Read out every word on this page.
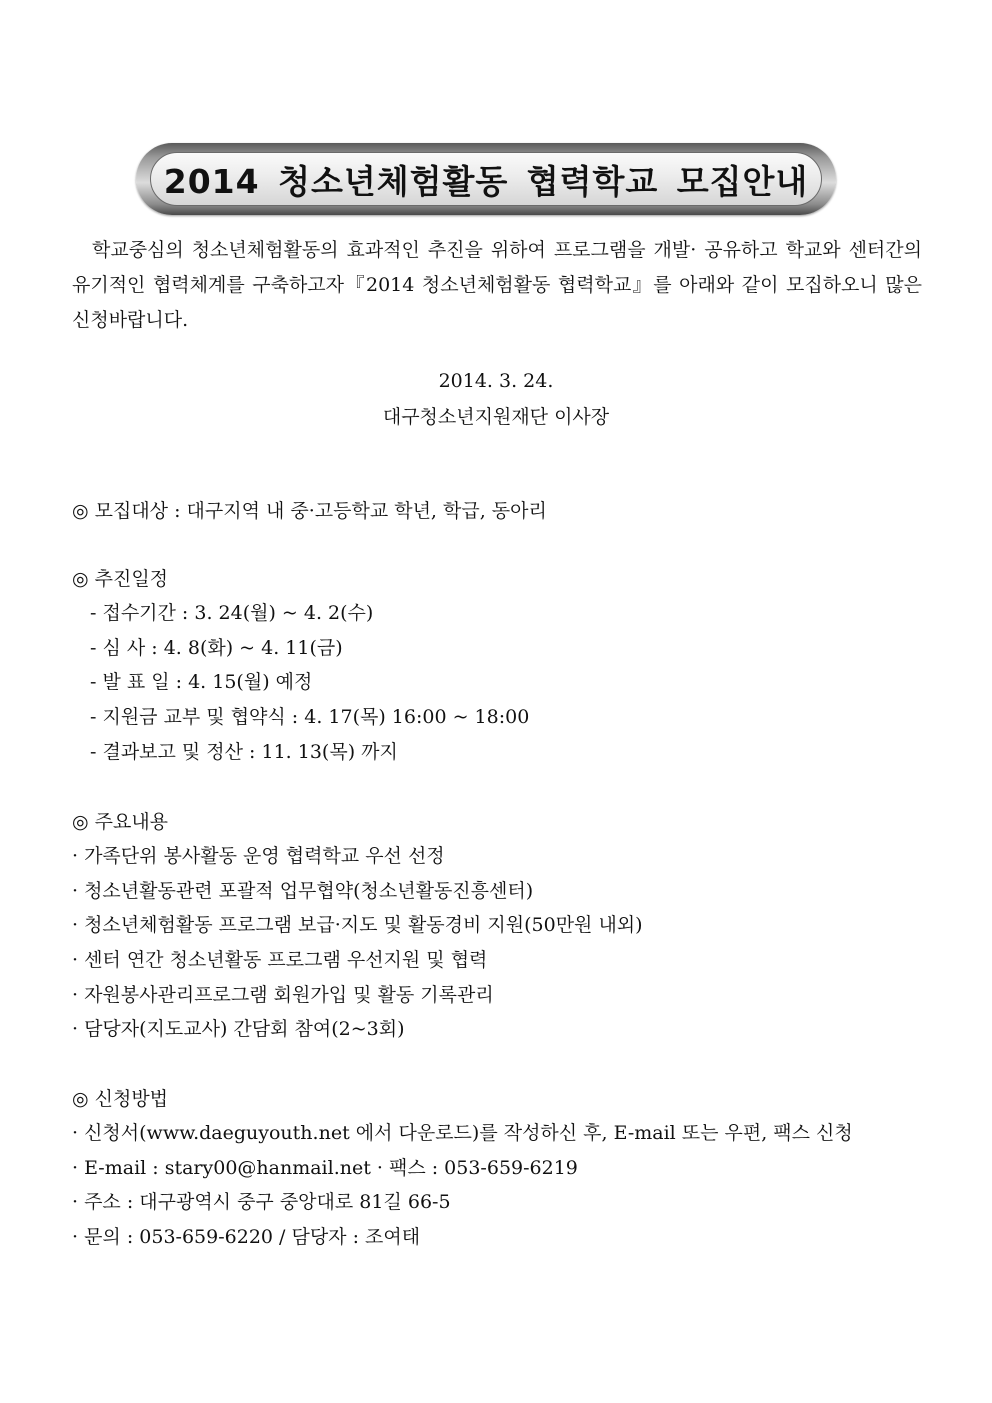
2014 청소년체험활동 협력학교 모집안내

학교중심의 청소년체험활동의 효과적인 추진을 위하여 프로그램을 개발· 공유하고 학교와 센터간의 유기적인 협력체계를 구축하고자『2014 청소년체험활동 협력학교』를 아래와 같이 모집하오니 많은 신청바랍니다.

2014. 3. 24.
대구청소년지원재단 이사장
◎ 모집대상 : 대구지역 내 중·고등학교 학년, 학급, 동아리
◎ 추진일정
- 접수기간 : 3. 24(월) ~ 4. 2(수)
- 심 사 : 4. 8(화) ~ 4. 11(금)
- 발 표 일 : 4. 15(월) 예정
- 지원금 교부 및 협약식 : 4. 17(목) 16:00 ~ 18:00
- 결과보고 및 정산 : 11. 13(목) 까지
◎ 주요내용
· 가족단위 봉사활동 운영 협력학교 우선 선정
· 청소년활동관련 포괄적 업무협약(청소년활동진흥센터)
· 청소년체험활동 프로그램 보급·지도 및 활동경비 지원(50만원 내외)
· 센터 연간 청소년활동 프로그램 우선지원 및 협력
· 자원봉사관리프로그램 회원가입 및 활동 기록관리
· 담당자(지도교사) 간담회 참여(2~3회)
◎ 신청방법
· 신청서(www.daeguyouth.net 에서 다운로드)를 작성하신 후, E-mail 또는 우편, 팩스 신청
· E-mail : stary00@hanmail.net · 팩스 : 053-659-6219
· 주소 : 대구광역시 중구 중앙대로 81길 66-5
· 문의 : 053-659-6220 / 담당자 : 조여태
